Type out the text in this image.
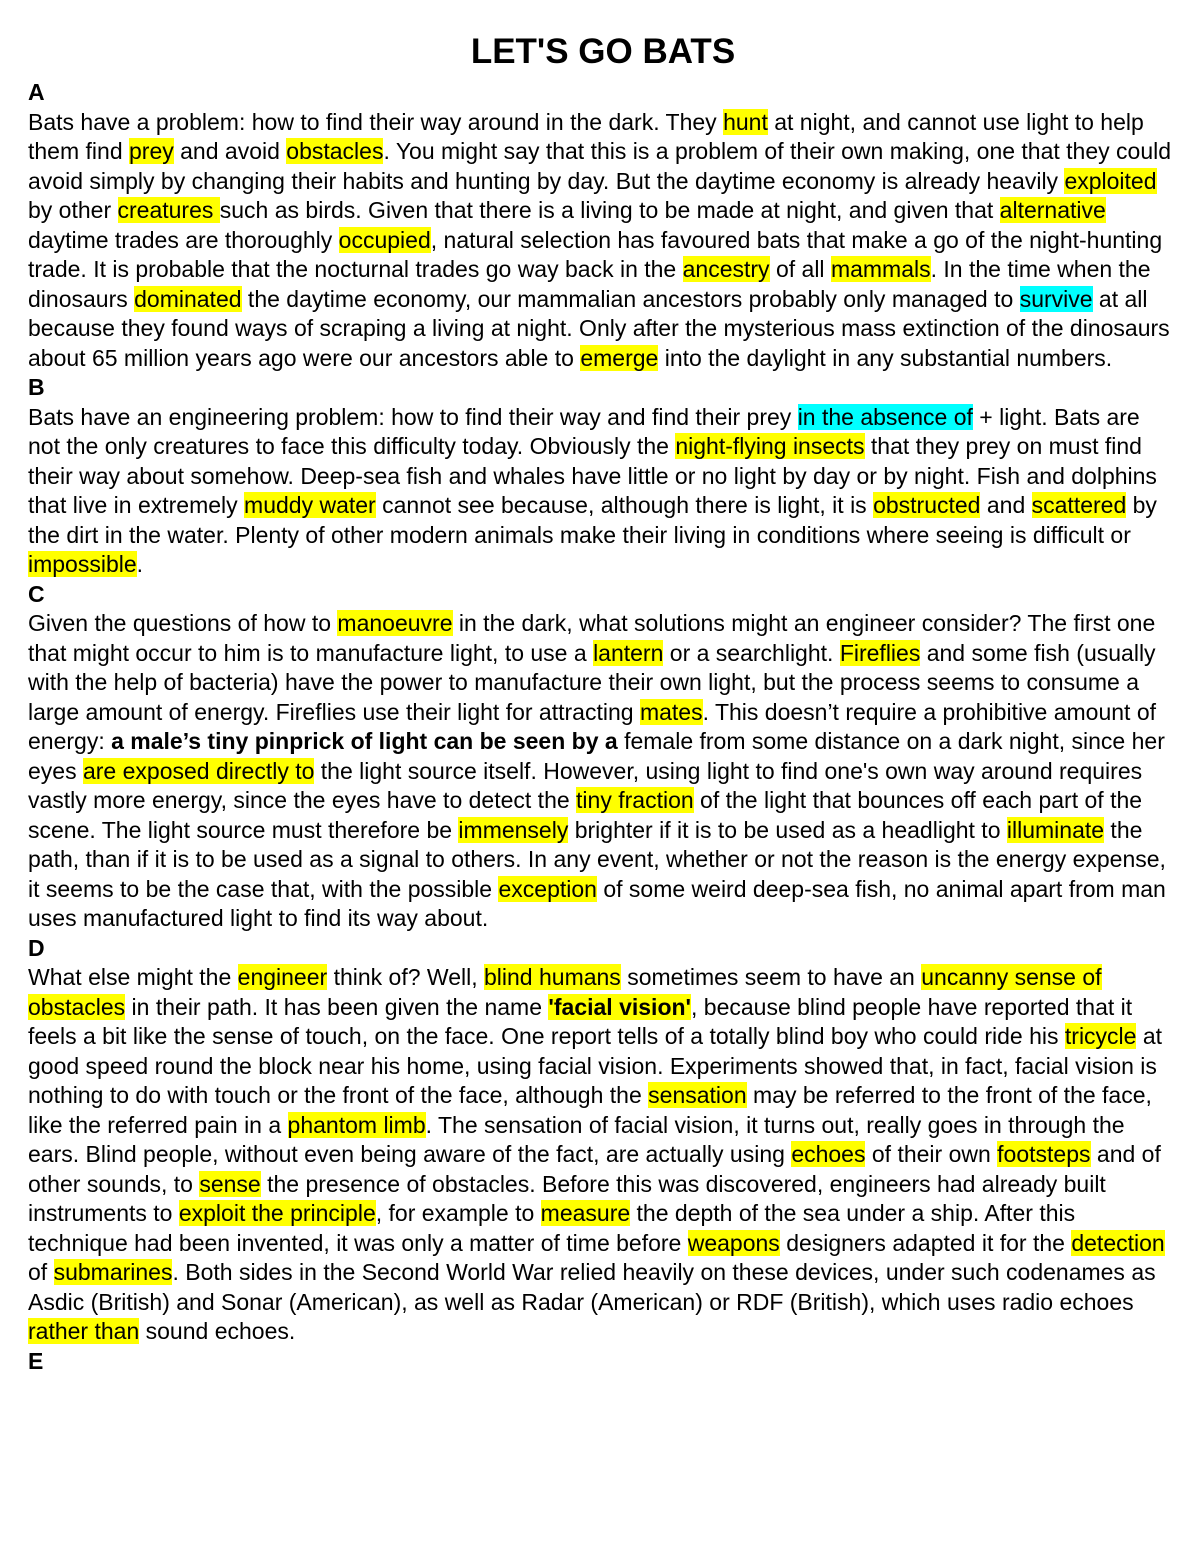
LET'S GO BATS
A

Bats have a problem: how to find their way around in the dark. They hunt at night, and cannot use light to help them find prey and avoid obstacles. You might say that this is a problem of their own making, one that they could avoid simply by changing their habits and hunting by day. But the daytime economy is already heavily exploited by other creatures such as birds. Given that there is a living to be made at night, and given that alternative daytime trades are thoroughly occupied, natural selection has favoured bats that make a go of the night-hunting trade. It is probable that the nocturnal trades go way back in the ancestry of all mammals. In the time when the dinosaurs dominated the daytime economy, our mammalian ancestors probably only managed to survive at all because they found ways of scraping a living at night. Only after the mysterious mass extinction of the dinosaurs about 65 million years ago were our ancestors able to emerge into the daylight in any substantial numbers.

B

Bats have an engineering problem: how to find their way and find their prey in the absence of + light. Bats are not the only creatures to face this difficulty today. Obviously the night-flying insects that they prey on must find their way about somehow. Deep-sea fish and whales have little or no light by day or by night. Fish and dolphins that live in extremely muddy water cannot see because, although there is light, it is obstructed and scattered by the dirt in the water. Plenty of other modern animals make their living in conditions where seeing is difficult or impossible.

C

Given the questions of how to manoeuvre in the dark, what solutions might an engineer consider? The first one that might occur to him is to manufacture light, to use a lantern or a searchlight. Fireflies and some fish (usually with the help of bacteria) have the power to manufacture their own light, but the process seems to consume a large amount of energy. Fireflies use their light for attracting mates. This doesn’t require a prohibitive amount of energy: a male’s tiny pinprick of light can be seen by a female from some distance on a dark night, since her eyes are exposed directly to the light source itself. However, using light to find one's own way around requires vastly more energy, since the eyes have to detect the tiny fraction of the light that bounces off each part of the scene. The light source must therefore be immensely brighter if it is to be used as a headlight to illuminate the path, than if it is to be used as a signal to others. In any event, whether or not the reason is the energy expense, it seems to be the case that, with the possible exception of some weird deep-sea fish, no animal apart from man uses manufactured light to find its way about.

D

What else might the engineer think of? Well, blind humans sometimes seem to have an uncanny sense of obstacles in their path. It has been given the name 'facial vision', because blind people have reported that it feels a bit like the sense of touch, on the face. One report tells of a totally blind boy who could ride his tricycle at good speed round the block near his home, using facial vision. Experiments showed that, in fact, facial vision is nothing to do with touch or the front of the face, although the sensation may be referred to the front of the face, like the referred pain in a phantom limb. The sensation of facial vision, it turns out, really goes in through the ears. Blind people, without even being aware of the fact, are actually using echoes of their own footsteps and of other sounds, to sense the presence of obstacles. Before this was discovered, engineers had already built instruments to exploit the principle, for example to measure the depth of the sea under a ship. After this technique had been invented, it was only a matter of time before weapons designers adapted it for the detection of submarines. Both sides in the Second World War relied heavily on these devices, under such codenames as Asdic (British) and Sonar (American), as well as Radar (American) or RDF (British), which uses radio echoes rather than sound echoes.

E
